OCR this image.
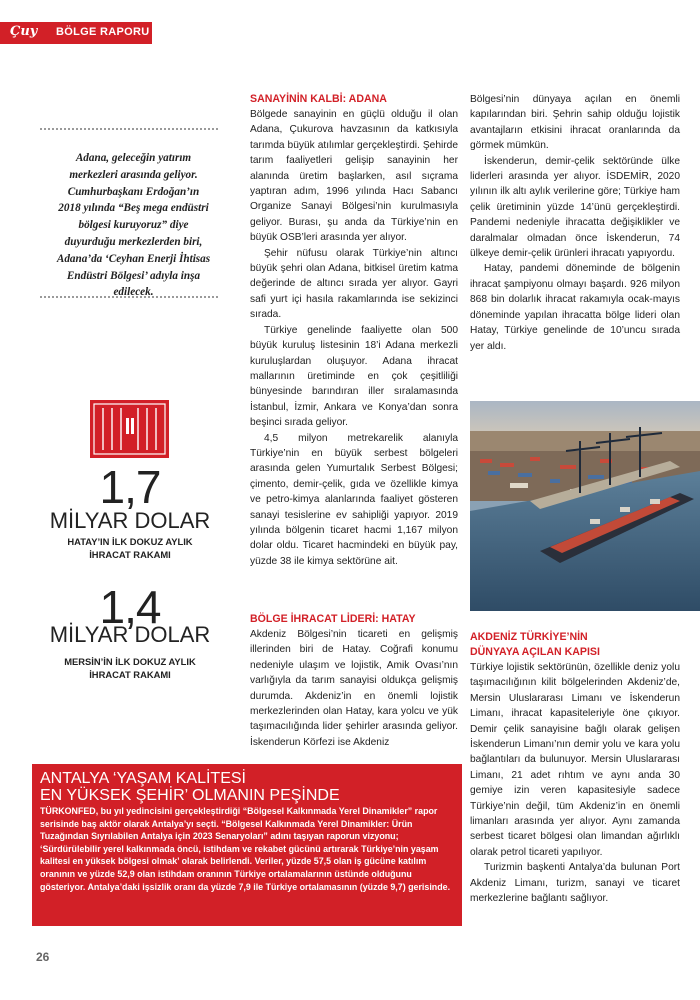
Çuy BÖLGE RAPORU
Adana, geleceğin yatırım merkezleri arasında geliyor. Cumhurbaşkanı Erdoğan’ın 2018 yılında “Beş mega endüstri bölgesi kuruyoruz” diye duyurduğu merkezlerden biri, Adana’da ‘Ceyhan Enerji İhtisas Endüstri Bölgesi’ adıyla inşa edilecek.
1,7
MİLYAR DOLAR
HATAY’IN İLK DOKUZ AYLIK
İHRACAT RAKAMI
1,4
MİLYAR DOLAR
MERSİN’İN İLK DOKUZ AYLIK
İHRACAT RAKAMI
SANAYİNİN KALBİ: ADANA

Bölgede sanayinin en güçlü olduğu il olan Adana, Çukurova havzasının da katkısıyla tarımda büyük atılımlar gerçekleştirdi. Şehirde tarım faaliyetleri gelişip sanayinin her alanında üretim başlarken, asıl sıçrama yaptıran adım, 1996 yılında Hacı Sabancı Organize Sanayi Bölgesi’nin kurulmasıyla geliyor. Burası, şu anda da Türkiye’nin en büyük OSB’leri arasında yer alıyor.

Şehir nüfusu olarak Türkiye’nin altıncı büyük şehri olan Adana, bitkisel üretim katma değerinde de altıncı sırada yer alıyor. Gayri safi yurt içi hasıla rakamlarında ise sekizinci sırada.

Türkiye genelinde faaliyette olan 500 büyük kuruluş listesinin 18’i Adana merkezli kuruluşlardan oluşuyor. Adana ihracat mallarının üretiminde en çok çeşitliliği bünyesinde barındıran iller sıralamasında İstanbul, İzmir, Ankara ve Konya’dan sonra beşinci sırada geliyor.

4,5 milyon metrekarelik alanıyla Türkiye’nin en büyük serbest bölgeleri arasında gelen Yumurtalık Serbest Bölgesi; çimento, demir-çelik, gıda ve özellikle kimya ve petro-kimya alanlarında faaliyet gösteren sanayi tesislerine ev sahipliği yapıyor. 2019 yılında bölgenin ticaret hacmi 1,167 milyon dolar oldu. Ticaret hacmindeki en büyük pay, yüzde 38 ile kimya sektörüne ait.

BÖLGE İHRACAT LİDERİ: HATAY

Akdeniz Bölgesi’nin ticareti en gelişmiş illerinden biri de Hatay. Coğrafi konumu nedeniyle ulaşım ve lojistik, Amik Ovası’nın varlığıyla da tarım sanayisi oldukça gelişmiş durumda. Akdeniz’in en önemli lojistik merkezlerinden olan Hatay, kara yolcu ve yük taşımacılığında lider şehirler arasında geliyor. İskenderun Körfezi ise Akdeniz

Bölgesi’nin dünyaya açılan en önemli kapılarından biri. Şehrin sahip olduğu lojistik avantajların etkisini ihracat oranlarında da görmek mümkün.

İskenderun, demir-çelik sektöründe ülke liderleri arasında yer alıyor. İSDEMİR, 2020 yılının ilk altı aylık verilerine göre; Türkiye ham çelik üretiminin yüzde 14’ünü gerçekleştirdi. Pandemi nedeniyle ihracatta değişiklikler ve daralmalar olmadan önce İskenderun, 74 ülkeye demir-çelik ürünleri ihracatı yapıyordu.

Hatay, pandemi döneminde de bölgenin ihracat şampiyonu olmayı başardı. 926 milyon 868 bin dolarlık ihracat rakamıyla ocak-mayıs döneminde yapılan ihracatta bölge lideri olan Hatay, Türkiye genelinde de 10’uncu sırada yer aldı.

AKDENİZ TÜRKİYE’NİN
DÜNYAYA AÇILAN KAPISI

Türkiye lojistik sektörünün, özellikle deniz yolu taşımacılığının kilit bölgelerinden Akdeniz’de, Mersin Uluslararası Limanı ve İskenderun Limanı, ihracat kapasiteleriyle öne çıkıyor. Demir çelik sanayisine bağlı olarak gelişen İskenderun Limanı’nın demir yolu ve kara yolu bağlantıları da bulunuyor. Mersin Uluslararası Limanı, 21 adet rıhtım ve aynı anda 30 gemiye izin veren kapasitesiyle sadece Türkiye’nin değil, tüm Akdeniz’in en önemli limanları arasında yer alıyor. Aynı zamanda serbest ticaret bölgesi olan limandan ağırlıklı olarak petrol ticareti yapılıyor.

Turizmin başkenti Antalya’da bulunan Port Akdeniz Limanı, turizm, sanayi ve ticaret merkezlerine bağlantı sağlıyor.

ANTALYA ‘YAŞAM KALİTESİ
EN YÜKSEK ŞEHİR’ OLMANIN PEŞİNDE
TÜRKONFED, bu yıl yedincisini gerçekleştirdiği “Bölgesel Kalkınmada Yerel Dinamikler” rapor serisinde baş aktör olarak Antalya’yı seçti. “Bölgesel Kalkınmada Yerel Dinamikler: Ürün Tuzağından Sıyrılabilen Antalya için 2023 Senaryoları” adını taşıyan raporun vizyonu; ‘Sürdürülebilir yerel kalkınmada öncü, istihdam ve rekabet gücünü artırarak Türkiye’nin yaşam kalitesi en yüksek bölgesi olmak’ olarak belirlendi. Veriler, yüzde 57,5 olan iş gücüne katılım oranının ve yüzde 52,9 olan istihdam oranının Türkiye ortalamalarının üstünde olduğunu gösteriyor. Antalya’daki işsizlik oranı da yüzde 7,9 ile Türkiye ortalamasının (yüzde 9,7) gerisinde.
26
